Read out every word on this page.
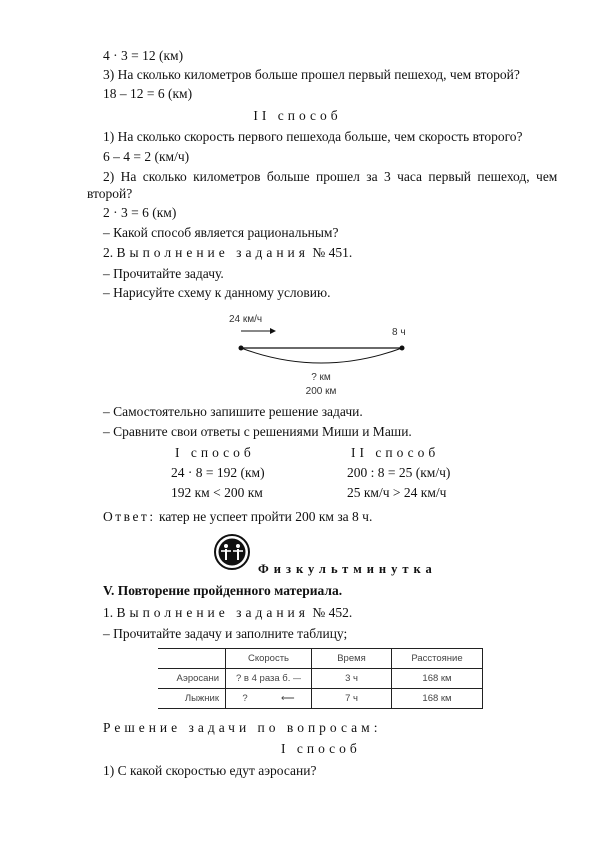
4 · 3 = 12 (км)
3) На сколько километров больше прошел первый пешеход, чем второй?
18 – 12 = 6 (км)
II способ
1) На сколько скорость первого пешехода больше, чем скорость второго?
6 – 4 = 2 (км/ч)
2) На сколько километров больше прошел за 3 часа первый пешеход, чем
второй?
2 · 3 = 6 (км)
– Какой способ является рациональным?
2. Выполнение задания № 451.
– Прочитайте задачу.
– Нарисуйте схему к данному условию.
24 км/ч
8 ч
? км
200 км
– Самостоятельно запишите решение задачи.
– Сравните свои ответы с решениями Миши и Маши.
I способ
24 · 8 = 192 (км)
192 км < 200 км
II способ
200 : 8 = 25 (км/ч)
25 км/ч > 24 км/ч
Ответ: катер не успеет пройти 200 км за 8 ч.
Физкультминутка
V. Повторение пройденного материала.
1. Выполнение задания № 452.
– Прочитайте задачу и заполните таблицу;
	Скорость	Время	Расстояние
Аэросани	? в 4 раза б. —	3 ч	168 км
Лыжник	? ⟵	7 ч	168 км
Решение задачи по вопросам:
I способ
1) С какой скоростью едут аэросани?
